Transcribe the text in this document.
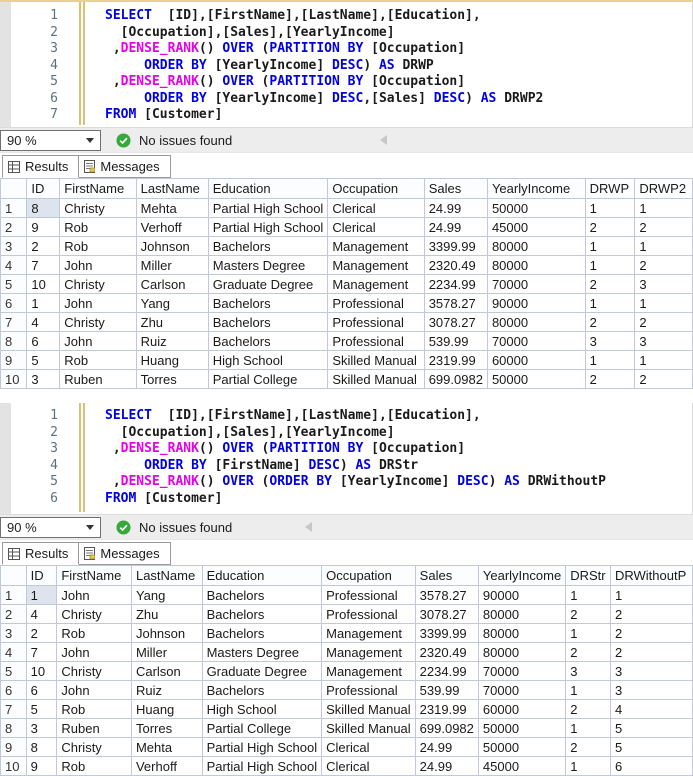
1	SELECT  [ID],[FirstName],[LastName],[Education],
2	[Occupation],[Sales],[YearlyIncome]
3	,DENSE_RANK() OVER (PARTITION BY [Occupation]
4	ORDER BY [YearlyIncome] DESC) AS DRWP
5	,DENSE_RANK() OVER (PARTITION BY [Occupation]
6	ORDER BY [YearlyIncome] DESC,[Sales] DESC) AS DRWP2
7	FROM [Customer]
90 %	No issues found
Results Messages
	ID	FirstName	LastName	Education	Occupation	Sales	YearlyIncome	DRWP	DRWP2
1	8	Christy	Mehta	Partial High School	Clerical	24.99	50000	1	1
2	9	Rob	Verhoff	Partial High School	Clerical	24.99	45000	2	2
3	2	Rob	Johnson	Bachelors	Management	3399.99	80000	1	1
4	7	John	Miller	Masters Degree	Management	2320.49	80000	1	2
5	10	Christy	Carlson	Graduate Degree	Management	2234.99	70000	2	3
6	1	John	Yang	Bachelors	Professional	3578.27	90000	1	1
7	4	Christy	Zhu	Bachelors	Professional	3078.27	80000	2	2
8	6	John	Ruiz	Bachelors	Professional	539.99	70000	3	3
9	5	Rob	Huang	High School	Skilled Manual	2319.99	60000	1	1
10	3	Ruben	Torres	Partial College	Skilled Manual	699.0982	50000	2	2
1	SELECT  [ID],[FirstName],[LastName],[Education],
2	[Occupation],[Sales],[YearlyIncome]
3	,DENSE_RANK() OVER (PARTITION BY [Occupation]
4	ORDER BY [FirstName] DESC) AS DRStr
5	,DENSE_RANK() OVER (ORDER BY [YearlyIncome] DESC) AS DRWithoutP
6	FROM [Customer]
90 %	No issues found
Results Messages
	ID	FirstName	LastName	Education	Occupation	Sales	YearlyIncome	DRStr	DRWithoutP
1	1	John	Yang	Bachelors	Professional	3578.27	90000	1	1
2	4	Christy	Zhu	Bachelors	Professional	3078.27	80000	2	2
3	2	Rob	Johnson	Bachelors	Management	3399.99	80000	1	2
4	7	John	Miller	Masters Degree	Management	2320.49	80000	2	2
5	10	Christy	Carlson	Graduate Degree	Management	2234.99	70000	3	3
6	6	John	Ruiz	Bachelors	Professional	539.99	70000	1	3
7	5	Rob	Huang	High School	Skilled Manual	2319.99	60000	2	4
8	3	Ruben	Torres	Partial College	Skilled Manual	699.0982	50000	1	5
9	8	Christy	Mehta	Partial High School	Clerical	24.99	50000	2	5
10	9	Rob	Verhoff	Partial High School	Clerical	24.99	45000	1	6
